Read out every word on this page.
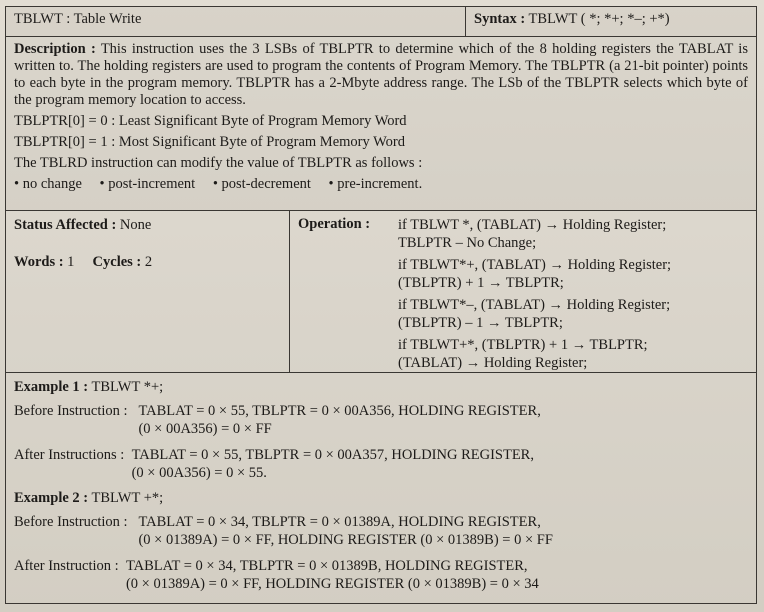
TBLWT : Table Write	Syntax : TBLWT ( *; *+; *–; +*)

Description : This instruction uses the 3 LSBs of TBLPTR to determine which of the 8 holding registers the TABLAT is written to. The holding registers are used to program the contents of Program Memory. The TBLPTR (a 21-bit pointer) points to each byte in the program memory. TBLPTR has a 2-Mbyte address range. The LSb of the TBLPTR selects which byte of the program memory location to access.

TBLPTR[0] = 0 : Least Significant Byte of Program Memory Word

TBLPTR[0] = 1 : Most Significant Byte of Program Memory Word

The TBLRD instruction can modify the value of TBLPTR as follows :

• no change • post-increment • post-decrement • pre-increment.

Status Affected : None
Words : 1 Cycles : 2
Operation :	if TBLWT *, (TABLAT) → Holding Register;
TBLPTR – No Change;
if TBLWT*+, (TABLAT) → Holding Register;
(TBLPTR) + 1 → TBLPTR;
if TBLWT*–, (TABLAT) → Holding Register;
(TBLPTR) – 1 → TBLPTR;
if TBLWT+*, (TBLPTR) + 1 → TBLPTR;
(TABLAT) → Holding Register;
Example 1 : TBLWT *+;
Before Instruction : TABLAT = 0 × 55, TBLPTR = 0 × 00A356, HOLDING REGISTER,
(0 × 00A356) = 0 × FF
After Instructions : TABLAT = 0 × 55, TBLPTR = 0 × 00A357, HOLDING REGISTER,
(0 × 00A356) = 0 × 55.
Example 2 : TBLWT +*;
Before Instruction : TABLAT = 0 × 34, TBLPTR = 0 × 01389A, HOLDING REGISTER,
(0 × 01389A) = 0 × FF, HOLDING REGISTER (0 × 01389B) = 0 × FF
After Instruction : TABLAT = 0 × 34, TBLPTR = 0 × 01389B, HOLDING REGISTER,
(0 × 01389A) = 0 × FF, HOLDING REGISTER (0 × 01389B) = 0 × 34
